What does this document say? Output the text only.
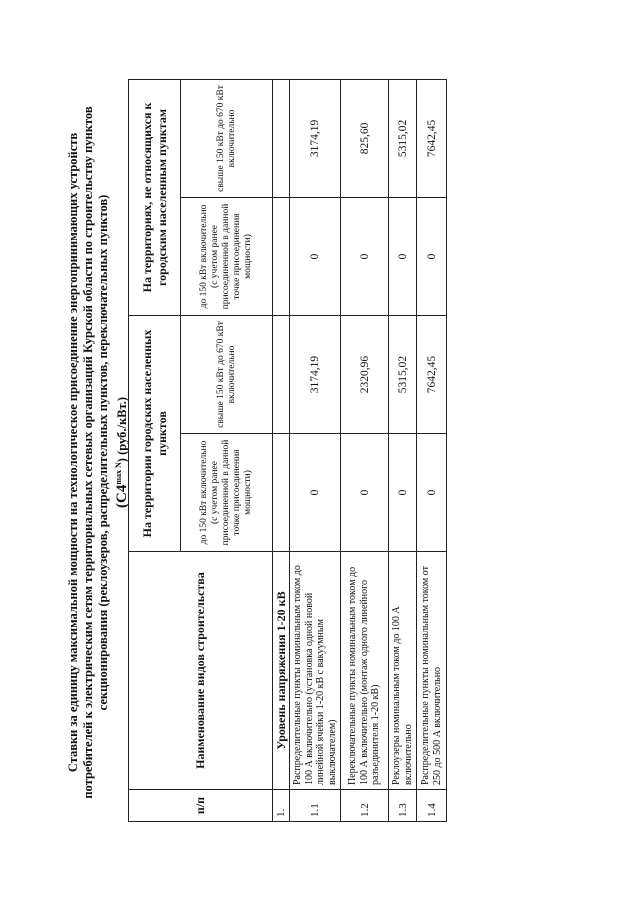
Ставки за единицу максимальной мощности на технологическое присоединение энергопринимающих устройств потребителей к электрическим сетям территориальных сетевых организаций Курской области по строительству пунктов секционирования (реклоузеров, распределительных пунктов, переключательных пунктов) $(C4^{max N})$ (руб./кВт.)
п/п	Наименование видов строительства	На территории городских населенных пунктов		На территориях, не относящихся к городским населенным пунктам	
		до 150 кВт включительно (с учетом ранее присоединенной в данной точке присоединения мощности)	свыше 150 кВт до 670 кВт включительно	до 150 кВт включительно (с учетом ранее присоединенной в данной точке присоединения мощности)	свыше 150 кВт до 670 кВт включительно
1.	Уровень напряжения 1-20 кВ				
1.1	Распределительные пункты номинальным током до 100 А включительно (установка одной новой линейной ячейки 1-20 кВ с вакуумным выключателем)	0	3174,19	0	3174,19
1.2	Переключательные пункты номинальным током до 100 А включительно (монтаж одного линейного разъединителя 1-20 кВ)	0	2320,96	0	825,60
1.3	Реклоузеры номинальным током до 100 А включительно	0	5315,02	0	5315,02
1.4	Распределительные пункты номинальным током от 250 до 500 А включительно	0	7642,45	0	7642,45
